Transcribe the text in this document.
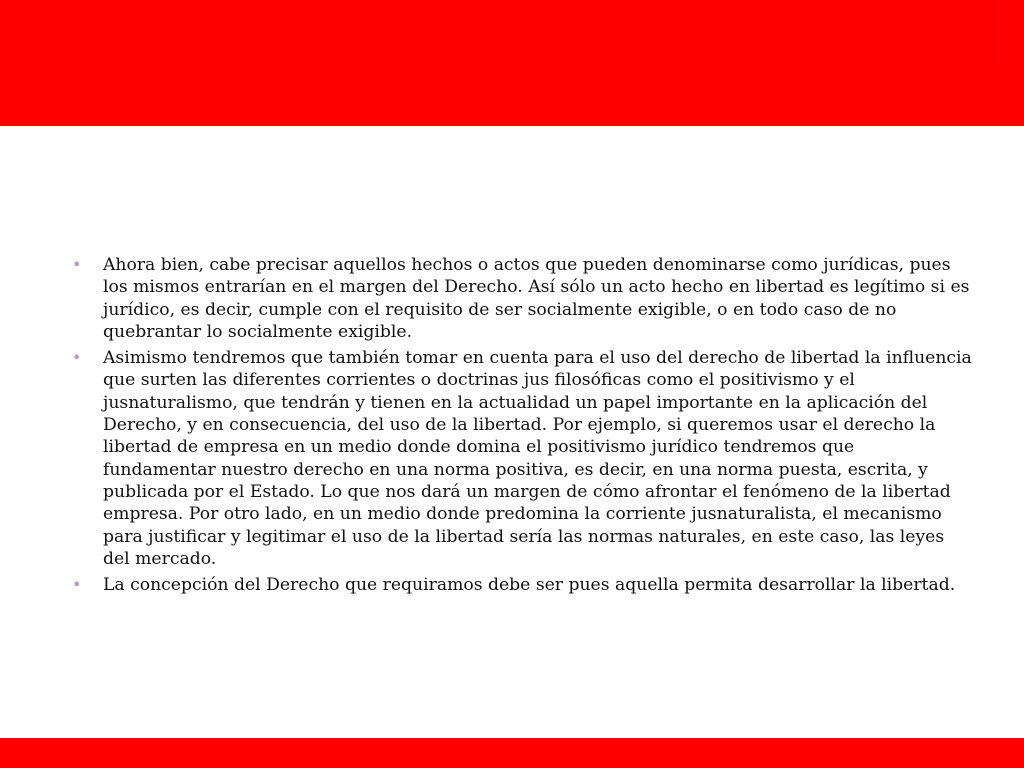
•	Ahora bien, cabe precisar aquellos hechos o actos que pueden denominarse como jurídicas, pues los mismos entrarían en el margen del Derecho. Así sólo un acto hecho en libertad es legítimo si es jurídico, es decir, cumple con el requisito de ser socialmente exigible, o en todo caso de no quebrantar lo socialmente exigible.
•	Asimismo tendremos que también tomar en cuenta para el uso del derecho de libertad la influencia que surten las diferentes corrientes o doctrinas jus filosóficas como el positivismo y el jusnaturalismo, que tendrán y tienen en la actualidad un papel importante en la aplicación del Derecho, y en consecuencia, del uso de la libertad. Por ejemplo, si queremos usar el derecho la libertad de empresa en un medio donde domina el positivismo jurídico tendremos que fundamentar nuestro derecho en una norma positiva, es decir, en una norma puesta, escrita, y publicada por el Estado. Lo que nos dará un margen de cómo afrontar el fenómeno de la libertad empresa. Por otro lado, en un medio donde predomina la corriente jusnaturalista, el mecanismo para justificar y legitimar el uso de la libertad sería las normas naturales, en este caso, las leyes del mercado.
•	La concepción del Derecho que requiramos debe ser pues aquella permita desarrollar la libertad.
